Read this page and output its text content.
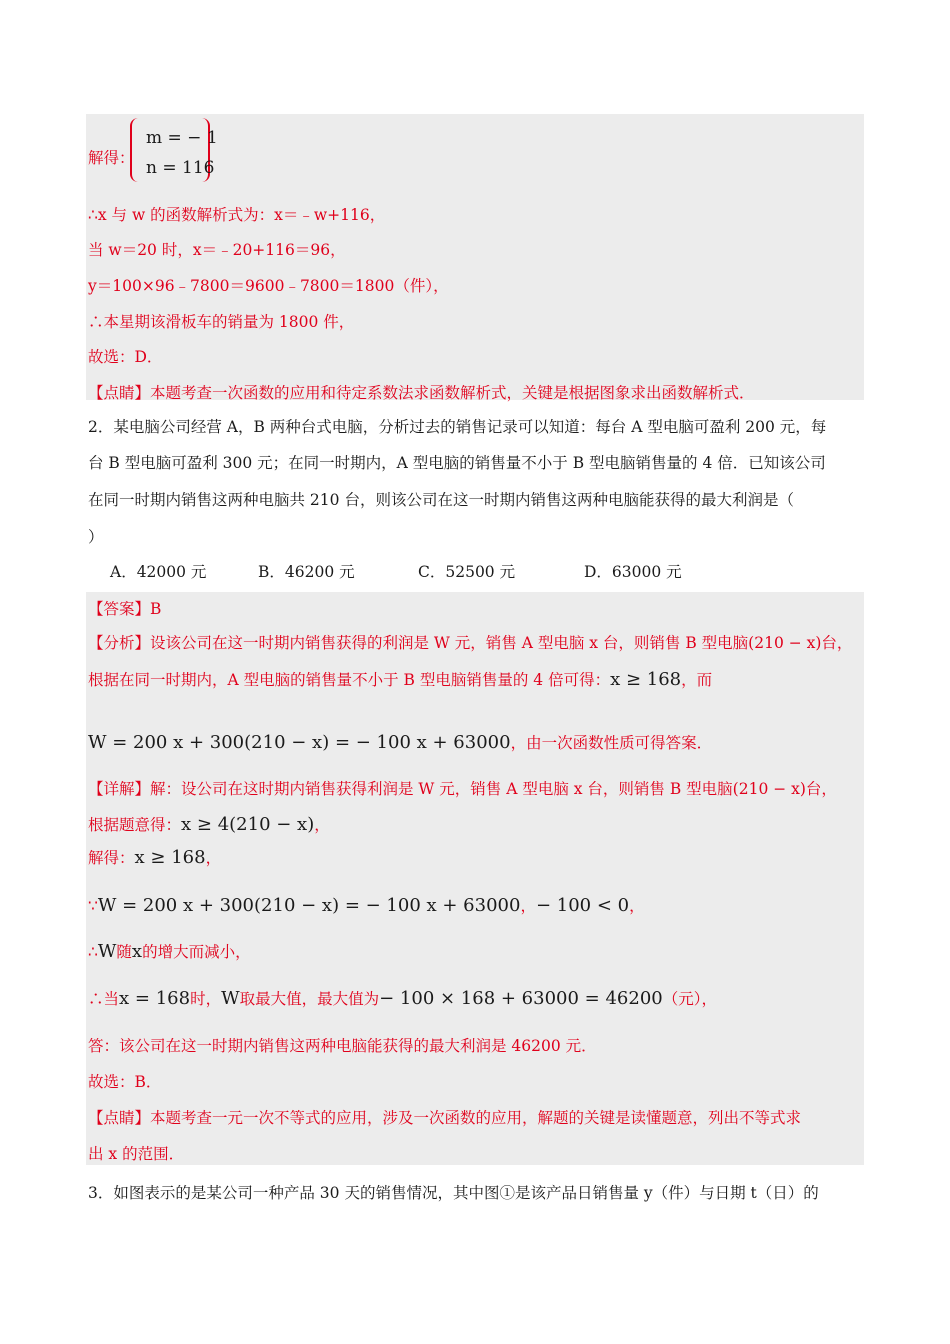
解得：
m = − 1
n = 116
∴x 与 w 的函数解析式为：x＝﹣w+116，
当 w＝20 时，x＝﹣20+116＝96，
y＝100×96﹣7800＝9600﹣7800＝1800（件），
∴本星期该滑板车的销量为 1800 件，
故选：D．
【点睛】本题考查一次函数的应用和待定系数法求函数解析式，关键是根据图象求出函数解析式．
2．某电脑公司经营 A，B 两种台式电脑，分析过去的销售记录可以知道：每台 A 型电脑可盈利 200 元，每
台 B 型电脑可盈利 300 元；在同一时期内，A 型电脑的销售量不小于 B 型电脑销售量的 4 倍．已知该公司
在同一时期内销售这两种电脑共 210 台，则该公司在这一时期内销售这两种电脑能获得的最大利润是（
）
A．42000 元	B．46200 元	C．52500 元	D．63000 元
【答案】B
【分析】设该公司在这一时期内销售获得的利润是 W 元，销售 A 型电脑 x 台，则销售 B 型电脑(210 − x)台，
根据在同一时期内，A 型电脑的销售量不小于 B 型电脑销售量的 4 倍可得：x ≥ 168，而
W = 200 x + 300(210 − x) = − 100 x + 63000，由一次函数性质可得答案．
【详解】解：设公司在这时期内销售获得利润是 W 元，销售 A 型电脑 x 台，则销售 B 型电脑(210 − x)台，
根据题意得：x ≥ 4(210 − x)，
解得：x ≥ 168，
∵W = 200 x + 300(210 − x) = − 100 x + 63000，− 100 < 0，
∴W随x的增大而减小，
∴当x = 168时，W取最大值，最大值为− 100 × 168 + 63000 = 46200（元），
答：该公司在这一时期内销售这两种电脑能获得的最大利润是 46200 元．
故选：B．
【点睛】本题考查一元一次不等式的应用，涉及一次函数的应用，解题的关键是读懂题意，列出不等式求
出 x 的范围．
3．如图表示的是某公司一种产品 30 天的销售情况，其中图①是该产品日销售量 y（件）与日期 t（日）的
